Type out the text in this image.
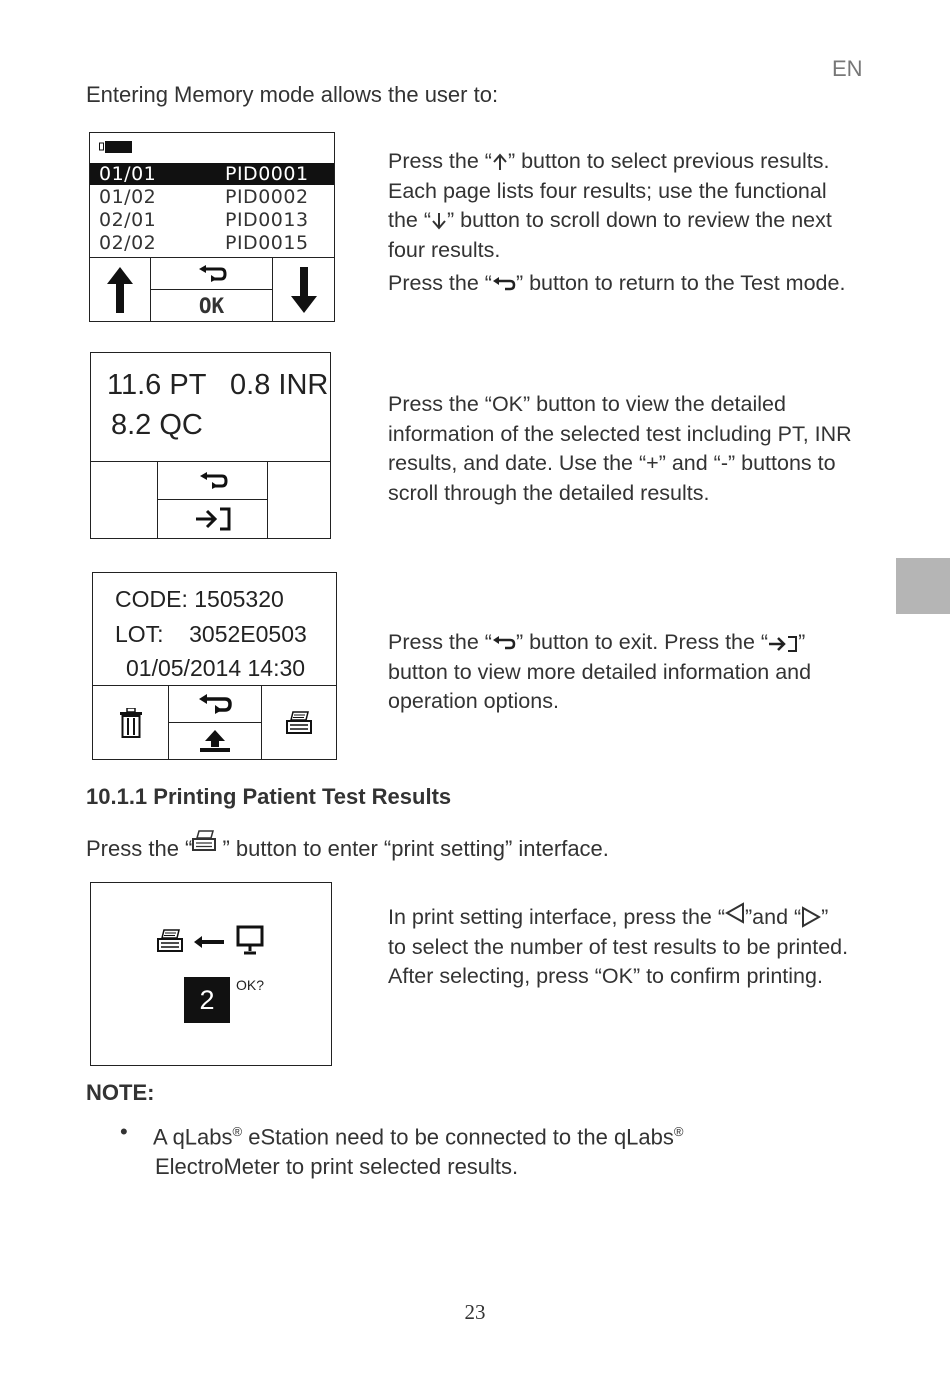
EN
Entering Memory mode allows the user to:
01/01	PID0001
01/02	PID0002
02/01	PID0013
02/02	PID0015
OK
Press the “ ” button to select previous results. Each page lists four results; use the functional the “ ” button to scroll down to review the next four results.
Press the “ ” button to return to the Test mode.
11.6 PT   0.8 INR
8.2 QC
Press the “OK” button to view the detailed information of the selected test including PT, INR results, and date. Use the “+” and “-” buttons to scroll through the detailed results.
CODE: 1505320
LOT:    3052E0503
01/05/2014 14:30
Press the “ ” button to exit. Press the “ ” button to view more detailed information and operation options.
10.1.1 Printing Patient Test Results
Press the “ ” button to enter “print setting” interface.
2 OK?
In print setting interface, press the “ ”and “ ” to select the number of test results to be printed. After selecting, press “OK” to confirm printing.
NOTE:
• A qLabs® eStation need to be connected to the qLabs®
ElectroMeter to print selected results.
23
